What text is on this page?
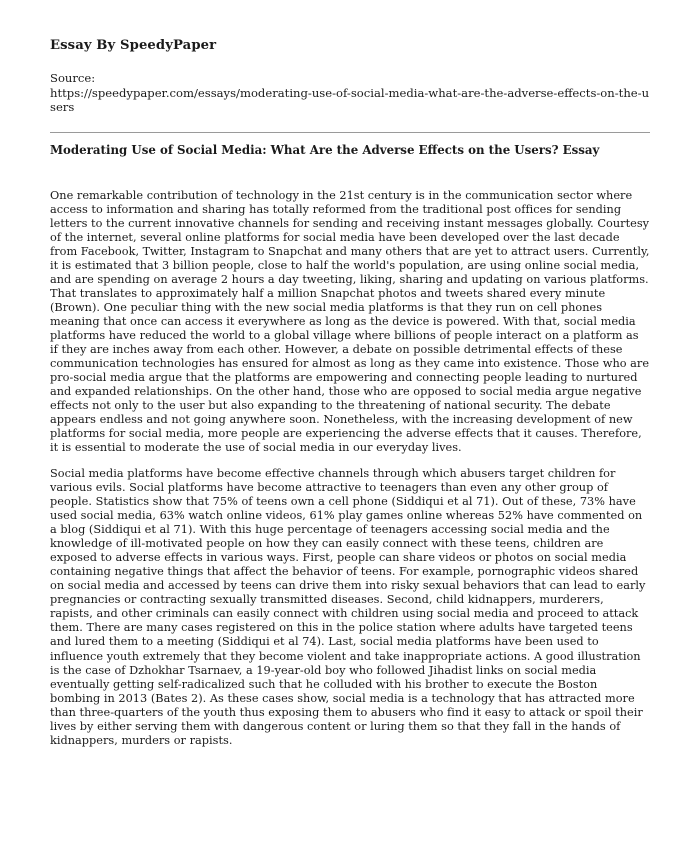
Essay By SpeedyPaper
Source:
https://speedypaper.com/essays/moderating-use-of-social-media-what-are-the-adverse-effects-on-the-users
Moderating Use of Social Media: What Are the Adverse Effects on the Users? Essay

One remarkable contribution of technology in the 21st century is in the communication sector where access to information and sharing has totally reformed from the traditional post offices for sending letters to the current innovative channels for sending and receiving instant messages globally. Courtesy of the internet, several online platforms for social media have been developed over the last decade from Facebook, Twitter, Instagram to Snapchat and many others that are yet to attract users. Currently, it is estimated that 3 billion people, close to half the world's population, are using online social media, and are spending on average 2 hours a day tweeting, liking, sharing and updating on various platforms. That translates to approximately half a million Snapchat photos and tweets shared every minute (Brown). One peculiar thing with the new social media platforms is that they run on cell phones meaning that once can access it everywhere as long as the device is powered. With that, social media platforms have reduced the world to a global village where billions of people interact on a platform as if they are inches away from each other. However, a debate on possible detrimental effects of these communication technologies has ensured for almost as long as they came into existence. Those who are pro-social media argue that the platforms are empowering and connecting people leading to nurtured and expanded relationships. On the other hand, those who are opposed to social media argue negative effects not only to the user but also expanding to the threatening of national security. The debate appears endless and not going anywhere soon. Nonetheless, with the increasing development of new platforms for social media, more people are experiencing the adverse effects that it causes. Therefore, it is essential to moderate the use of social media in our everyday lives.

Social media platforms have become effective channels through which abusers target children for various evils. Social platforms have become attractive to teenagers than even any other group of people. Statistics show that 75% of teens own a cell phone (Siddiqui et al 71). Out of these, 73% have used social media, 63% watch online videos, 61% play games online whereas 52% have commented on a blog (Siddiqui et al 71). With this huge percentage of teenagers accessing social media and the knowledge of ill-motivated people on how they can easily connect with these teens, children are exposed to adverse effects in various ways. First, people can share videos or photos on social media containing negative things that affect the behavior of teens. For example, pornographic videos shared on social media and accessed by teens can drive them into risky sexual behaviors that can lead to early pregnancies or contracting sexually transmitted diseases. Second, child kidnappers, murderers, rapists, and other criminals can easily connect with children using social media and proceed to attack them. There are many cases registered on this in the police station where adults have targeted teens and lured them to a meeting (Siddiqui et al 74). Last, social media platforms have been used to influence youth extremely that they become violent and take inappropriate actions. A good illustration is the case of Dzhokhar Tsarnaev, a 19-year-old boy who followed Jihadist links on social media eventually getting self-radicalized such that he colluded with his brother to execute the Boston bombing in 2013 (Bates 2). As these cases show, social media is a technology that has attracted more than three-quarters of the youth thus exposing them to abusers who find it easy to attack or spoil their lives by either serving them with dangerous content or luring them so that they fall in the hands of kidnappers, murders or rapists.
